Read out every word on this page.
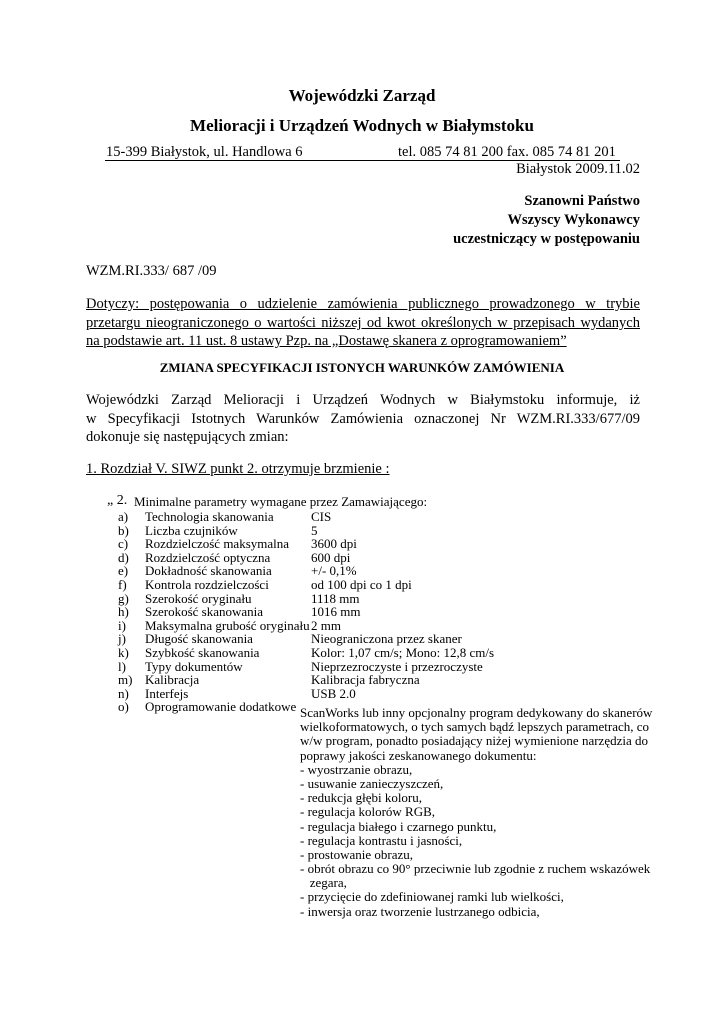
Wojewódzki Zarząd
Melioracji i Urządzeń Wodnych w Białymstoku
15-399 Białystok, ul. Handlowa 6	tel. 085 74 81 200 fax. 085 74 81 201
Białystok 2009.11.02
Szanowni Państwo
Wszyscy Wykonawcy
uczestniczący w postępowaniu
WZM.RI.333/ 687 /09
Dotyczy: postępowania o udzielenie zamówienia publicznego prowadzonego w trybie
przetargu nieograniczonego o wartości niższej od kwot określonych w przepisach wydanych
na podstawie art. 11 ust. 8 ustawy Pzp. na „Dostawę skanera z oprogramowaniem”
ZMIANA SPECYFIKACJI ISTONYCH WARUNKÓW ZAMÓWIENIA
Wojewódzki Zarząd Melioracji i Urządzeń Wodnych w Białymstoku informuje, iż
w Specyfikacji Istotnych Warunków Zamówienia oznaczonej Nr WZM.RI.333/677/09
dokonuje się następujących zmian:
1. Rozdział V. SIWZ punkt 2. otrzymuje brzmienie :
„ 2. Minimalne parametry wymagane przez Zamawiającego:
a)	Technologia skanowania	CIS
b)	Liczba czujników	5
c)	Rozdzielczość maksymalna 3600 dpi
d)	Rozdzielczość optyczna	600 dpi
e)	Dokładność skanowania	+/- 0,1%
f)	Kontrola rozdzielczości	od 100 dpi co 1 dpi
g)	Szerokość oryginału	1118 mm
h)	Szerokość skanowania	1016 mm
i)	Maksymalna grubość oryginału 2 mm
j)	Długość skanowania	Nieograniczona przez skaner
k)	Szybkość skanowania	Kolor: 1,07 cm/s; Mono: 12,8 cm/s
l)	Typy dokumentów	Nieprzezroczyste i przezroczyste
m) Kalibracja	Kalibracja fabryczna
n)	Interfejs	USB 2.0
o)	Oprogramowanie dodatkowe ScanWorks lub inny opcjonalny program dedykowany do skanerów
wielkoformatowych, o tych samych bądź lepszych parametrach, co
w/w program, ponadto posiadający niżej wymienione narzędzia do
poprawy jakości zeskanowanego dokumentu:
- wyostrzanie obrazu,
- usuwanie zanieczyszczeń,
- redukcja głębi koloru,
- regulacja kolorów RGB,
- regulacja białego i czarnego punktu,
- regulacja kontrastu i jasności,
- prostowanie obrazu,
- obrót obrazu co 90° przeciwnie lub zgodnie z ruchem wskazówek
zegara,
- przycięcie do zdefiniowanej ramki lub wielkości,
- inwersja oraz tworzenie lustrzanego odbicia,
